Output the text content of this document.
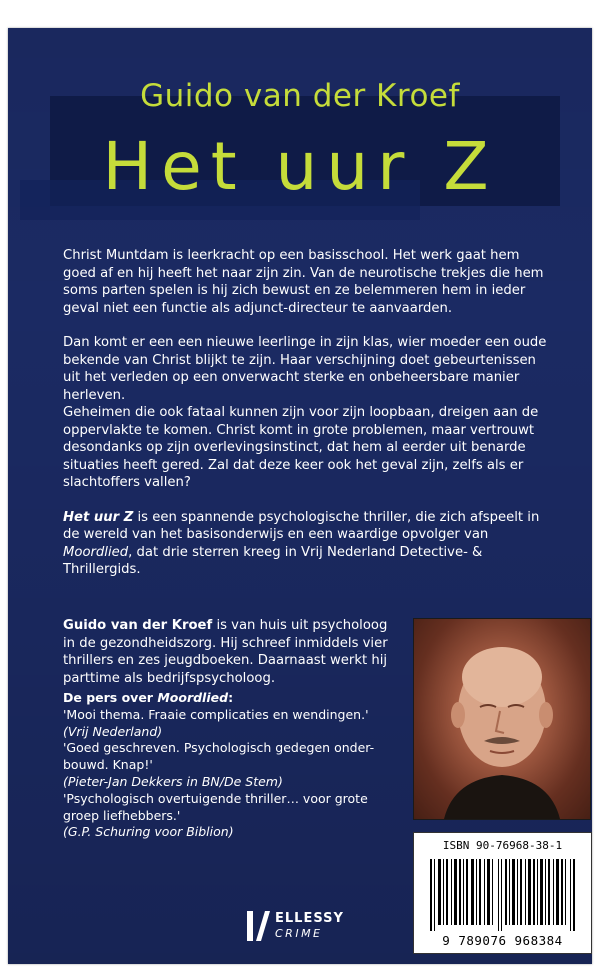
Guido van der Kroef
Het uur Z

Christ Muntdam is leerkracht op een basisschool. Het werk gaat hem goed af en hij heeft het naar zijn zin. Van de neurotische trekjes die hem soms parten spelen is hij zich bewust en ze belemmeren hem in ieder geval niet een functie als adjunct-directeur te aanvaarden.

Dan komt er een een nieuwe leerlinge in zijn klas, wier moeder een oude bekende van Christ blijkt te zijn. Haar verschijning doet gebeurtenissen uit het verleden op een onverwacht sterke en onbeheersbare manier herleven.

Geheimen die ook fataal kunnen zijn voor zijn loopbaan, dreigen aan de oppervlakte te komen. Christ komt in grote problemen, maar vertrouwt desondanks op zijn overlevingsinstinct, dat hem al eerder uit benarde situaties heeft gered. Zal dat deze keer ook het geval zijn, zelfs als er slachtoffers vallen?

Het uur Z is een spannende psychologische thriller, die zich afspeelt in de wereld van het basisonderwijs en een waardige opvolger van Moordlied, dat drie sterren kreeg in Vrij Nederland Detective- & Thrillergids.

Guido van der Kroef is van huis uit psycholoog in de gezondheidszorg. Hij schreef inmiddels vier thrillers en zes jeugdboeken. Daarnaast werkt hij parttime als bedrijfspsycholoog.
De pers over Moordlied:
'Mooi thema. Fraaie complicaties en wendingen.'
(Vrij Nederland)
'Goed geschreven. Psychologisch gedegen onder-
bouwd. Knap!'
(Pieter-Jan Dekkers in BN/De Stem)
'Psychologisch overtuigende thriller… voor grote
groep liefhebbers.'
(G.P. Schuring voor Biblion)
ISBN 90-76968-38-1
9 789076 968384
ELLESSY
CRIME
